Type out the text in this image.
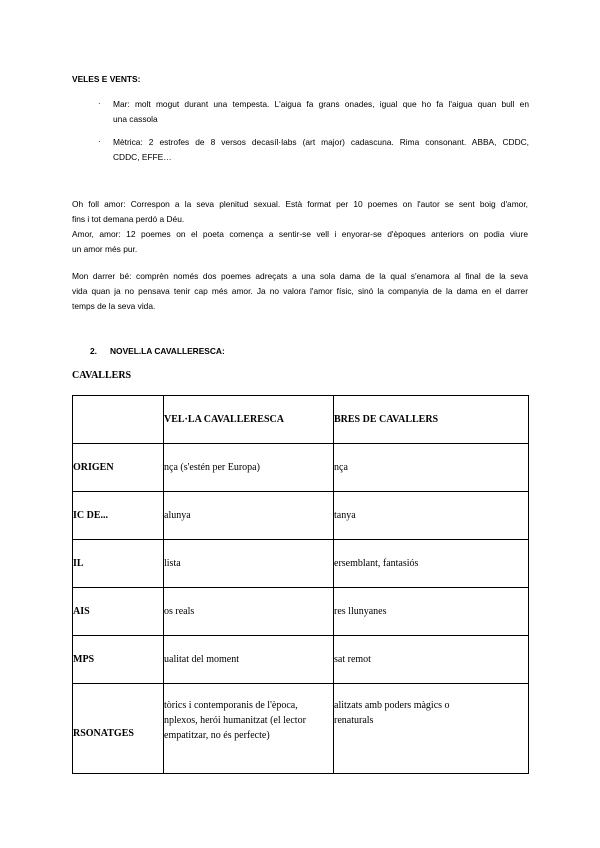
VELES E VENTS:
· Mar: molt mogut durant una tempesta. L'aigua fa grans onades, igual que ho fa l'aigua quan bull en
una cassola
· Mètrica: 2 estrofes de 8 versos decasíl·labs (art major) cadascuna. Rima consonant. ABBA, CDDC,
CDDC, EFFE…
Oh foll amor: Correspon a la seva plenitud sexual. Està format per 10 poemes on l'autor se sent boig d'amor,
fins i tot demana perdó a Déu.
Amor, amor: 12 poemes on el poeta comença a sentir-se vell i enyorar-se d'èpoques anteriors on podia viure
un amor més pur.
Mon darrer bé: comprèn només dos poemes adreçats a una sola dama de la qual s'enamora al final de la seva
vida quan ja no pensava tenir cap més amor. Ja no valora l'amor físic, sinó la companyia de la dama en el darrer
temps de la seva vida.
2. NOVEL.LA CAVALLERESCA:
CAVALLERS

	VEL·LA CAVALLERESCA	BRES DE CAVALLERS

ORIGEN	nça (s'estén per Europa)	nça

IC DE...	alunya	tanya

IL	lista	ersemblant, fantasiós

AIS	os reals	res llunyanes

MPS	ualitat del moment	sat remot

RSONATGES	tòrics i contemporanis de l'època,
nplexos, herói humanitzat (el lector
empatitzar, no és perfecte)	alitzats amb poders màgics o
renaturals
